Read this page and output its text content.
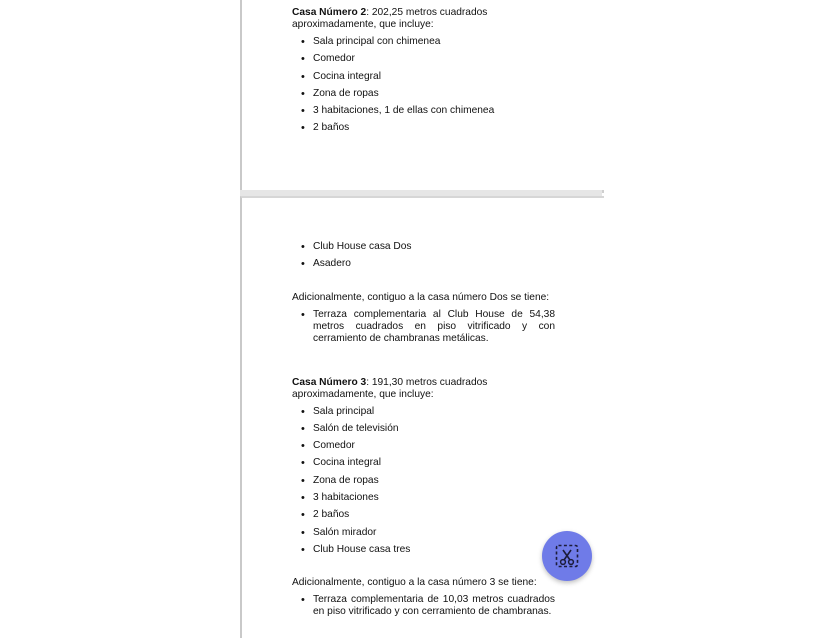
Casa Número 2: 202,25 metros cuadrados aproximadamente, que incluye:

• Sala principal con chimenea
• Comedor
• Cocina integral
• Zona de ropas
• 3 habitaciones, 1 de ellas con chimenea
• 2 baños
• Club House casa Dos
• Asadero

Adicionalmente, contiguo a la casa número Dos se tiene:

• Terraza complementaria al Club House de 54,38 metros cuadrados en piso vitrificado y con cerramiento de chambranas metálicas.

Casa Número 3: 191,30 metros cuadrados aproximadamente, que incluye:

• Sala principal
• Salón de televisión
• Comedor
• Cocina integral
• Zona de ropas
• 3 habitaciones
• 2 baños
• Salón mirador
• Club House casa tres

Adicionalmente, contiguo a la casa número 3 se tiene:

• Terraza complementaria de 10,03 metros cuadrados en piso vitrificado y con cerramiento de chambranas.
